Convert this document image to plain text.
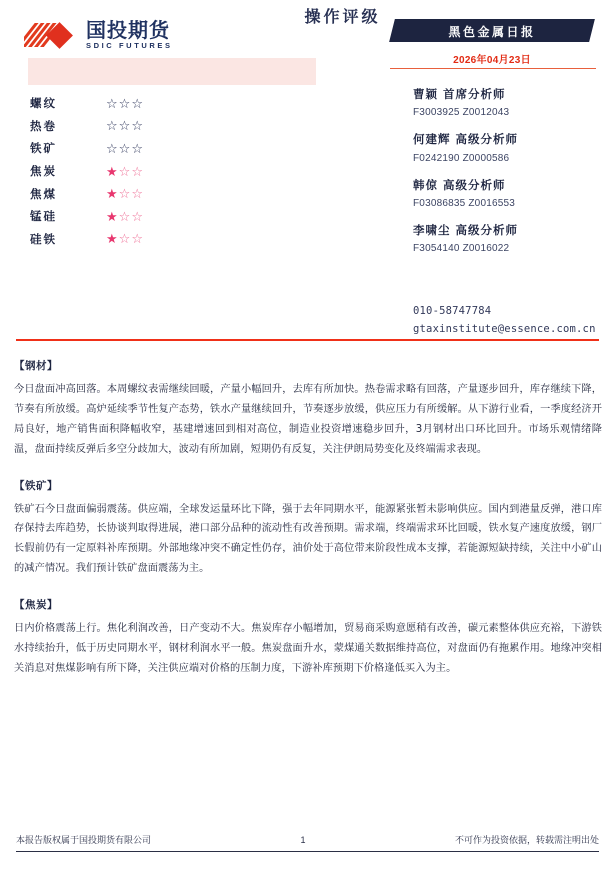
国投期货
SDIC FUTURES
操作评级
螺纹	☆☆☆
热卷	☆☆☆
铁矿	☆☆☆
焦炭	★☆☆
焦煤	★☆☆
锰硅	★☆☆
硅铁	★☆☆
黑色金属日报
2026年04月23日
曹颖 首席分析师
F3003925 Z0012043
何建辉 高级分析师
F0242190 Z0000586
韩倞 高级分析师
F03086835 Z0016553
李啸尘 高级分析师
F3054140 Z0016022
010-58747784
gtaxinstitute@essence.com.cn
【钢材】
今日盘面冲高回落。本周螺纹表需继续回暖，产量小幅回升，去库有所加快。热卷需求略有回落，产量逐步回升，库存继续下降，节奏有所放缓。高炉延续季节性复产态势，铁水产量继续回升，节奏逐步放缓，供应压力有所缓解。从下游行业看，一季度经济开局良好，地产销售面积降幅收窄，基建增速回到相对高位，制造业投资增速稳步回升，3月钢材出口环比回升。市场乐观情绪降温，盘面持续反弹后多空分歧加大，波动有所加剧，短期仍有反复，关注伊朗局势变化及终端需求表现。
【铁矿】
铁矿石今日盘面偏弱震荡。供应端，全球发运量环比下降，强于去年同期水平，能源紧张暂未影响供应。国内到港量反弹，港口库存保持去库趋势，长协谈判取得进展，港口部分品种的流动性有改善预期。需求端，终端需求环比回暖，铁水复产速度放缓，钢厂长假前仍有一定原料补库预期。外部地缘冲突不确定性仍存，油价处于高位带来阶段性成本支撑，若能源短缺持续，关注中小矿山的减产情况。我们预计铁矿盘面震荡为主。
【焦炭】
日内价格震荡上行。焦化利润改善，日产变动不大。焦炭库存小幅增加，贸易商采购意愿稍有改善，碳元素整体供应充裕，下游铁水持续抬升，低于历史同期水平，钢材利润水平一般。焦炭盘面升水，蒙煤通关数据维持高位，对盘面仍有拖累作用。地缘冲突相关消息对焦煤影响有所下降，关注供应端对价格的压制力度，下游补库预期下价格逢低买入为主。
本报告版权属于国投期货有限公司	1	不可作为投资依据，转载需注明出处
